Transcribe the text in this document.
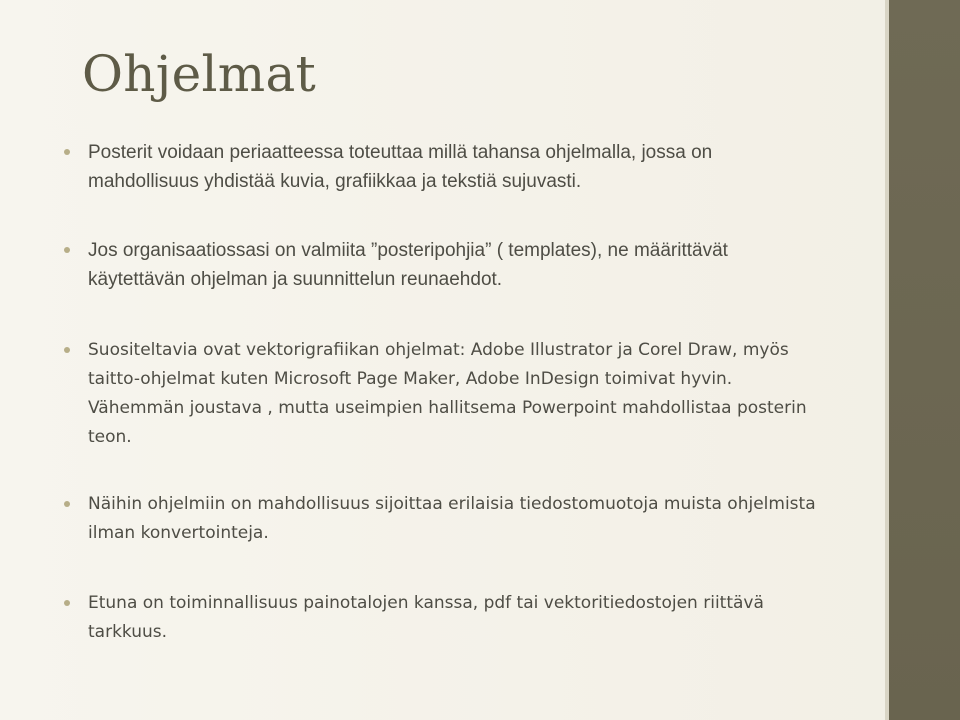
Ohjelmat
Posterit voidaan periaatteessa toteuttaa millä tahansa ohjelmalla, jossa on mahdollisuus yhdistää kuvia, grafiikkaa ja tekstiä sujuvasti.
Jos organisaatiossasi on valmiita ”posteripohjia” ( templates), ne määrittävät käytettävän ohjelman ja suunnittelun reunaehdot.
Suositeltavia ovat vektorigrafiikan ohjelmat: Adobe Illustrator ja Corel Draw, myös taitto-ohjelmat kuten Microsoft Page Maker, Adobe InDesign toimivat hyvin. Vähemmän joustava , mutta useimpien hallitsema Powerpoint mahdollistaa posterin teon.
Näihin ohjelmiin on mahdollisuus sijoittaa erilaisia tiedostomuotoja muista ohjelmista ilman konvertointeja.
Etuna on toiminnallisuus painotalojen kanssa, pdf tai vektoritiedostojen riittävä tarkkuus.
